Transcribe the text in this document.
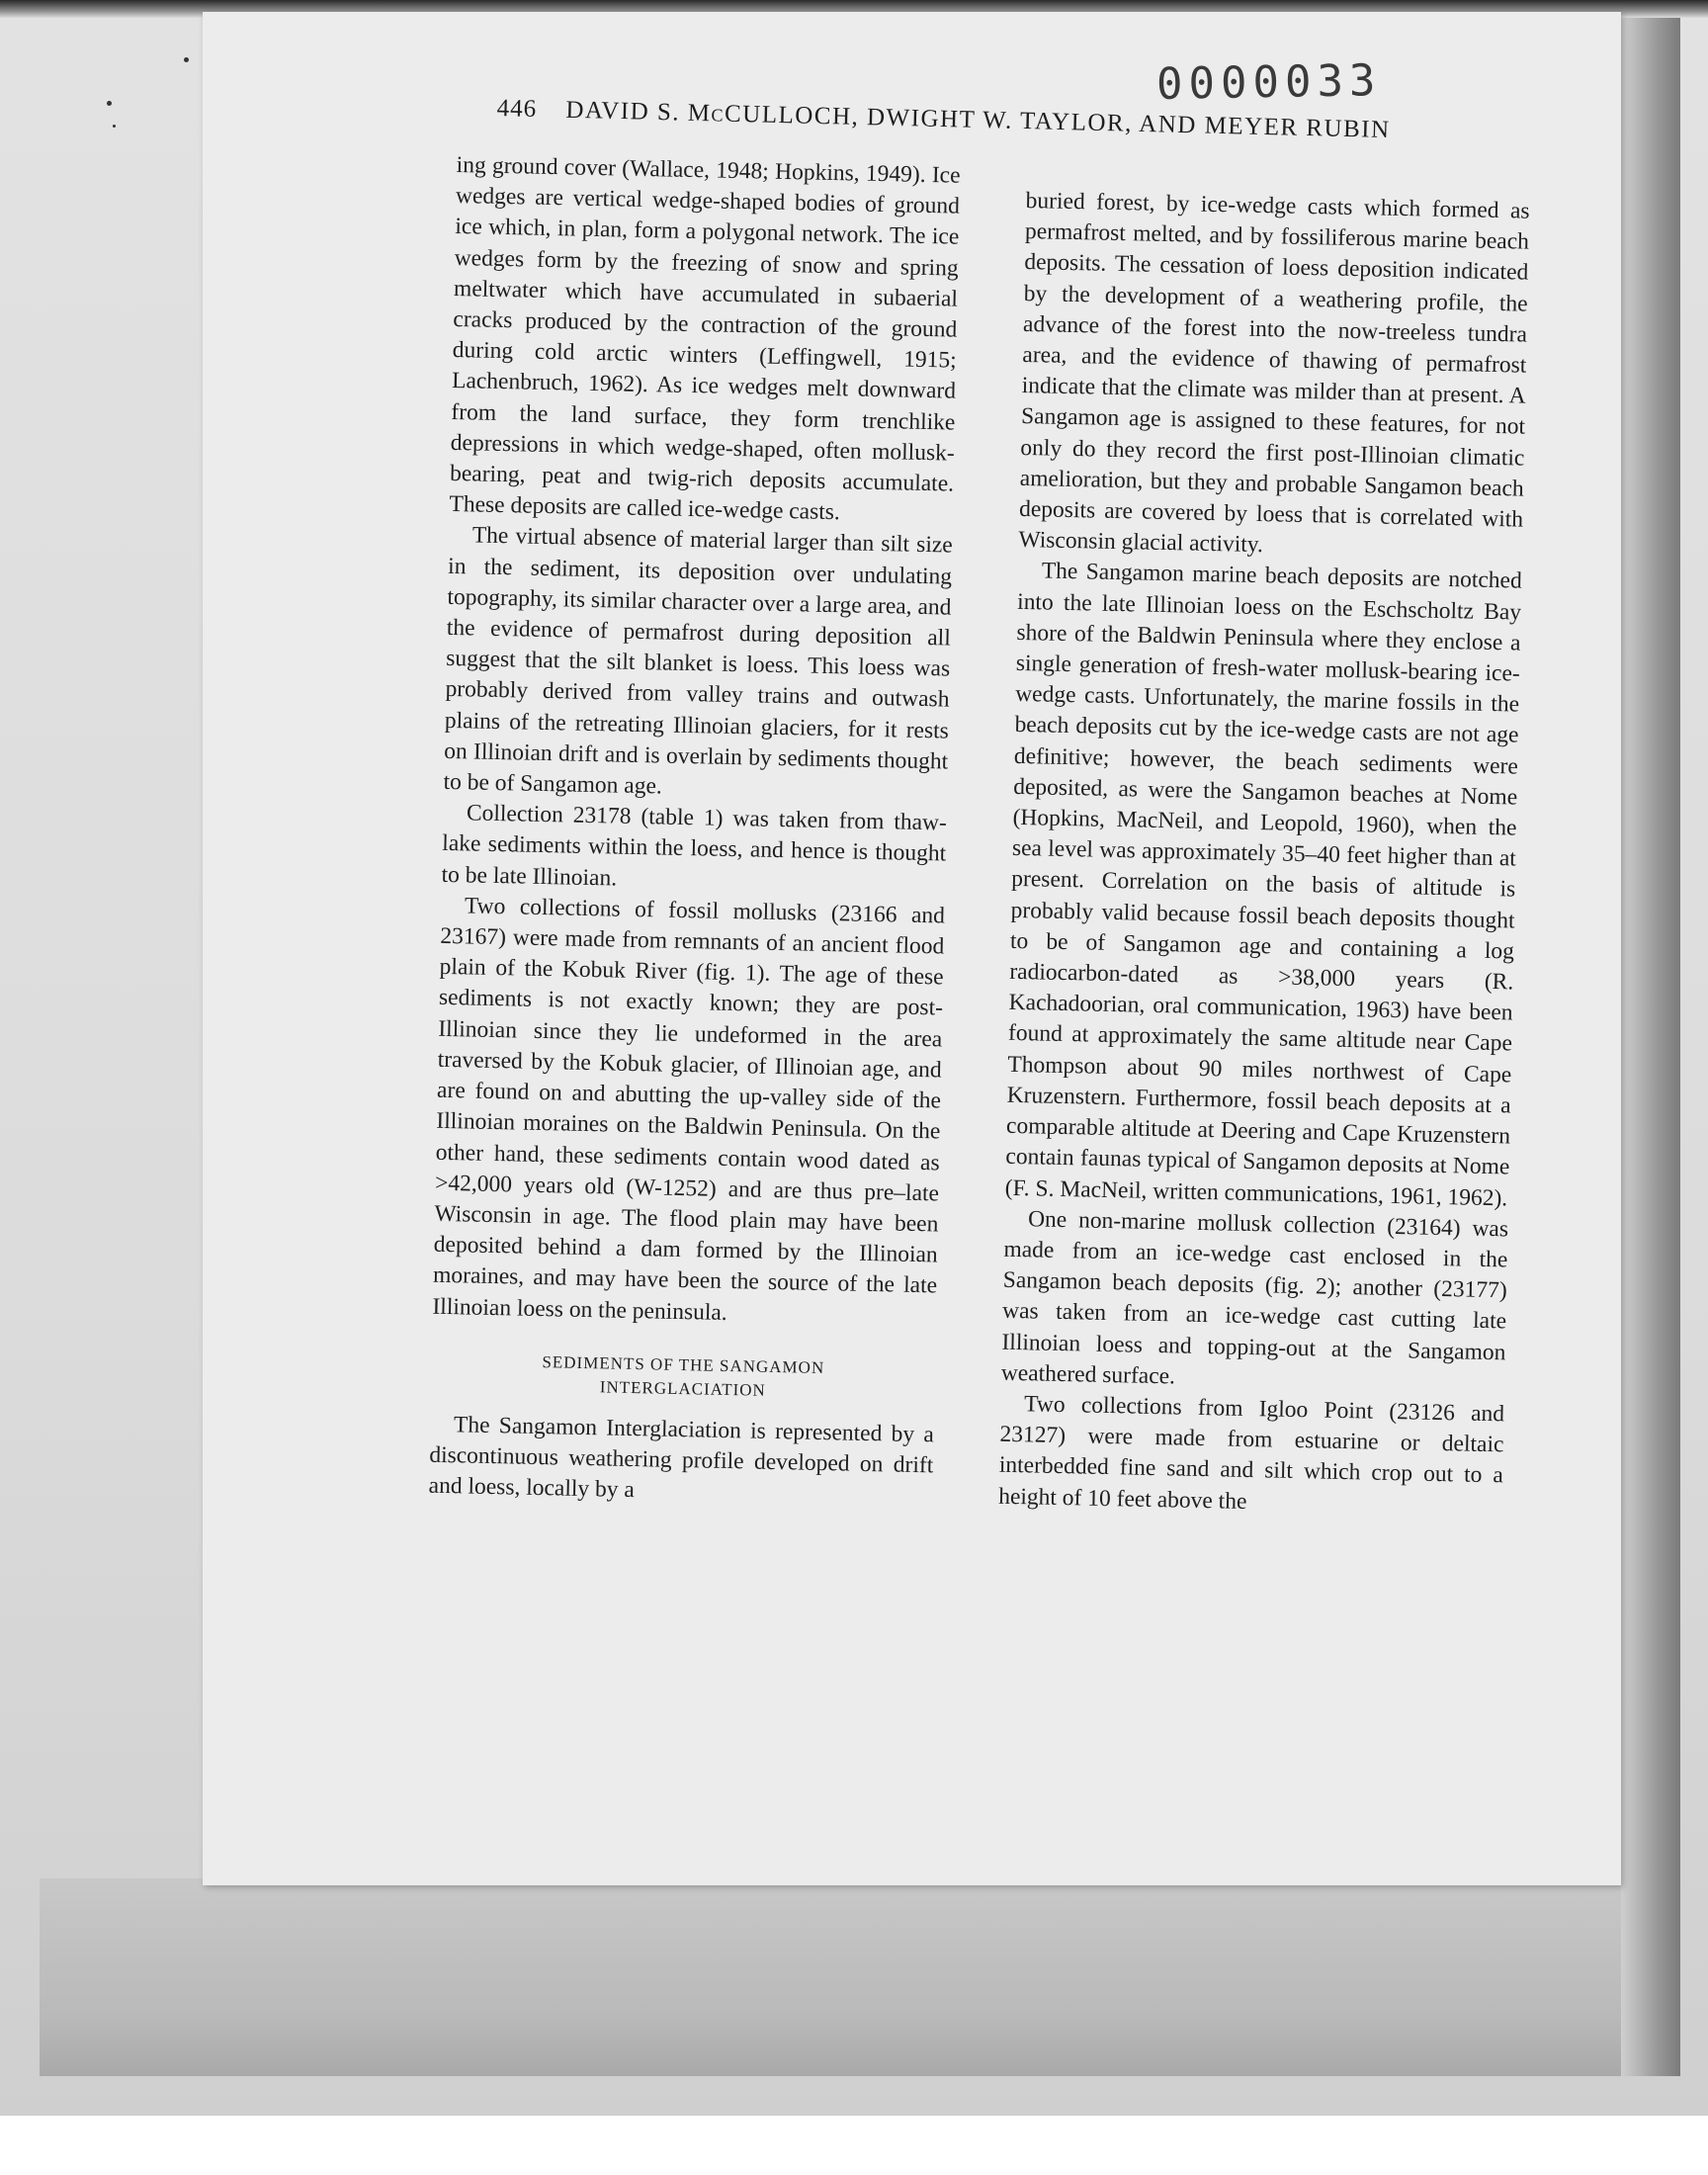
0000033
446 DAVID S. McCULLOCH, DWIGHT W. TAYLOR, AND MEYER RUBIN

ing ground cover (Wallace, 1948; Hopkins, 1949). Ice wedges are vertical wedge-shaped bodies of ground ice which, in plan, form a polygonal network. The ice wedges form by the freezing of snow and spring meltwater which have accumulated in subaerial cracks produced by the contraction of the ground during cold arctic winters (Leffingwell, 1915; Lachenbruch, 1962). As ice wedges melt downward from the land surface, they form trenchlike depressions in which wedge-shaped, often mollusk-bearing, peat and twig-rich deposits accumulate. These deposits are called ice-wedge casts.

The virtual absence of material larger than silt size in the sediment, its deposition over undulating topography, its similar character over a large area, and the evidence of permafrost during deposition all suggest that the silt blanket is loess. This loess was probably derived from valley trains and outwash plains of the retreating Illinoian glaciers, for it rests on Illinoian drift and is overlain by sediments thought to be of Sangamon age.

Collection 23178 (table 1) was taken from thaw-lake sediments within the loess, and hence is thought to be late Illinoian.

Two collections of fossil mollusks (23166 and 23167) were made from remnants of an ancient flood plain of the Kobuk River (fig. 1). The age of these sediments is not exactly known; they are post-Illinoian since they lie undeformed in the area traversed by the Kobuk glacier, of Illinoian age, and are found on and abutting the up-valley side of the Illinoian moraines on the Baldwin Peninsula. On the other hand, these sediments contain wood dated as >42,000 years old (W-1252) and are thus pre–late Wisconsin in age. The flood plain may have been deposited behind a dam formed by the Illinoian moraines, and may have been the source of the late Illinoian loess on the peninsula.

SEDIMENTS OF THE SANGAMON
INTERGLACIATION

The Sangamon Interglaciation is represented by a discontinuous weathering profile developed on drift and loess, locally by a

buried forest, by ice-wedge casts which formed as permafrost melted, and by fossiliferous marine beach deposits. The cessation of loess deposition indicated by the development of a weathering profile, the advance of the forest into the now-treeless tundra area, and the evidence of thawing of permafrost indicate that the climate was milder than at present. A Sangamon age is assigned to these features, for not only do they record the first post-Illinoian climatic amelioration, but they and probable Sangamon beach deposits are covered by loess that is correlated with Wisconsin glacial activity.

The Sangamon marine beach deposits are notched into the late Illinoian loess on the Eschscholtz Bay shore of the Baldwin Peninsula where they enclose a single generation of fresh-water mollusk-bearing ice-wedge casts. Unfortunately, the marine fossils in the beach deposits cut by the ice-wedge casts are not age definitive; however, the beach sediments were deposited, as were the Sangamon beaches at Nome (Hopkins, MacNeil, and Leopold, 1960), when the sea level was approximately 35–40 feet higher than at present. Correlation on the basis of altitude is probably valid because fossil beach deposits thought to be of Sangamon age and containing a log radiocarbon-dated as >38,000 years (R. Kachadoorian, oral communication, 1963) have been found at approximately the same altitude near Cape Thompson about 90 miles northwest of Cape Kruzenstern. Furthermore, fossil beach deposits at a comparable altitude at Deering and Cape Kruzenstern contain faunas typical of Sangamon deposits at Nome (F. S. MacNeil, written communications, 1961, 1962).

One non-marine mollusk collection (23164) was made from an ice-wedge cast enclosed in the Sangamon beach deposits (fig. 2); another (23177) was taken from an ice-wedge cast cutting late Illinoian loess and topping-out at the Sangamon weathered surface.

Two collections from Igloo Point (23126 and 23127) were made from estuarine or deltaic interbedded fine sand and silt which crop out to a height of 10 feet above the
